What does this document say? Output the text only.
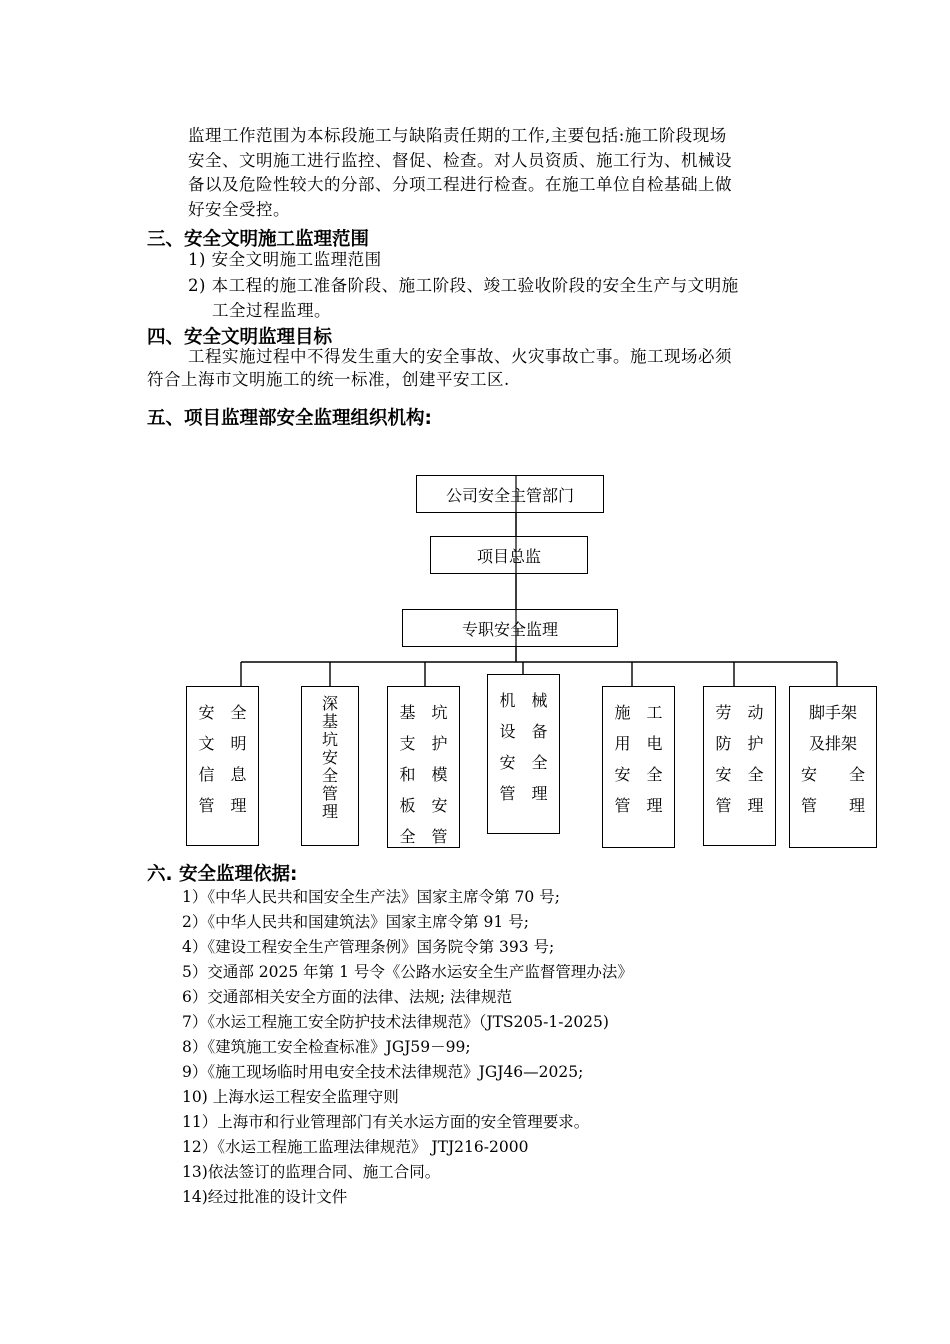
监理工作范围为本标段施工与缺陷责任期的工作,主要包括:施工阶段现场
安全、文明施工进行监控、督促、检查。对人员资质、施工行为、机械设
备以及危险性较大的分部、分项工程进行检查。在施工单位自检基础上做
好安全受控。
三、安全文明施工监理范围
1) 安全文明施工监理范围
2) 本工程的施工准备阶段、施工阶段、竣工验收阶段的安全生产与文明施
工全过程监理。
四、安全文明监理目标
工程实施过程中不得发生重大的安全事故、火灾事故亡事。施工现场必须
符合上海市文明施工的统一标准，创建平安工区.
五、项目监理部安全监理组织机构:
公司安全主管部门
项目总监
专职安全监理
安　全
文　明
信　息
管　理
深基坑安全管理
基　坑
支　护
和　模
板　安
全　管
机　械
设　备
安　全
管　理
施　工
用　电
安　全
管　理
劳　动
防　护
安　全
管　理
脚手架
及排架
安　　全
管　　理
六. 安全监理依据:
1）《中华人民共和国安全生产法》国家主席令第 70 号;
2）《中华人民共和国建筑法》国家主席令第 91 号;
4）《建设工程安全生产管理条例》国务院令第 393 号;
5）交通部 2025 年第 1 号令《公路水运安全生产监督管理办法》
6）交通部相关安全方面的法律、法规; 法律规范
7）《水运工程施工安全防护技术法律规范》（JTS205-1-2025)
8）《建筑施工安全检查标准》JGJ59－99;
9）《施工现场临时用电安全技术法律规范》JGJ46—2025;
10) 上海水运工程安全监理守则
11）上海市和行业管理部门有关水运方面的安全管理要求。
12）《水运工程施工监理法律规范》 JTJ216-2000
13)依法签订的监理合同、施工合同。
14)经过批准的设计文件
